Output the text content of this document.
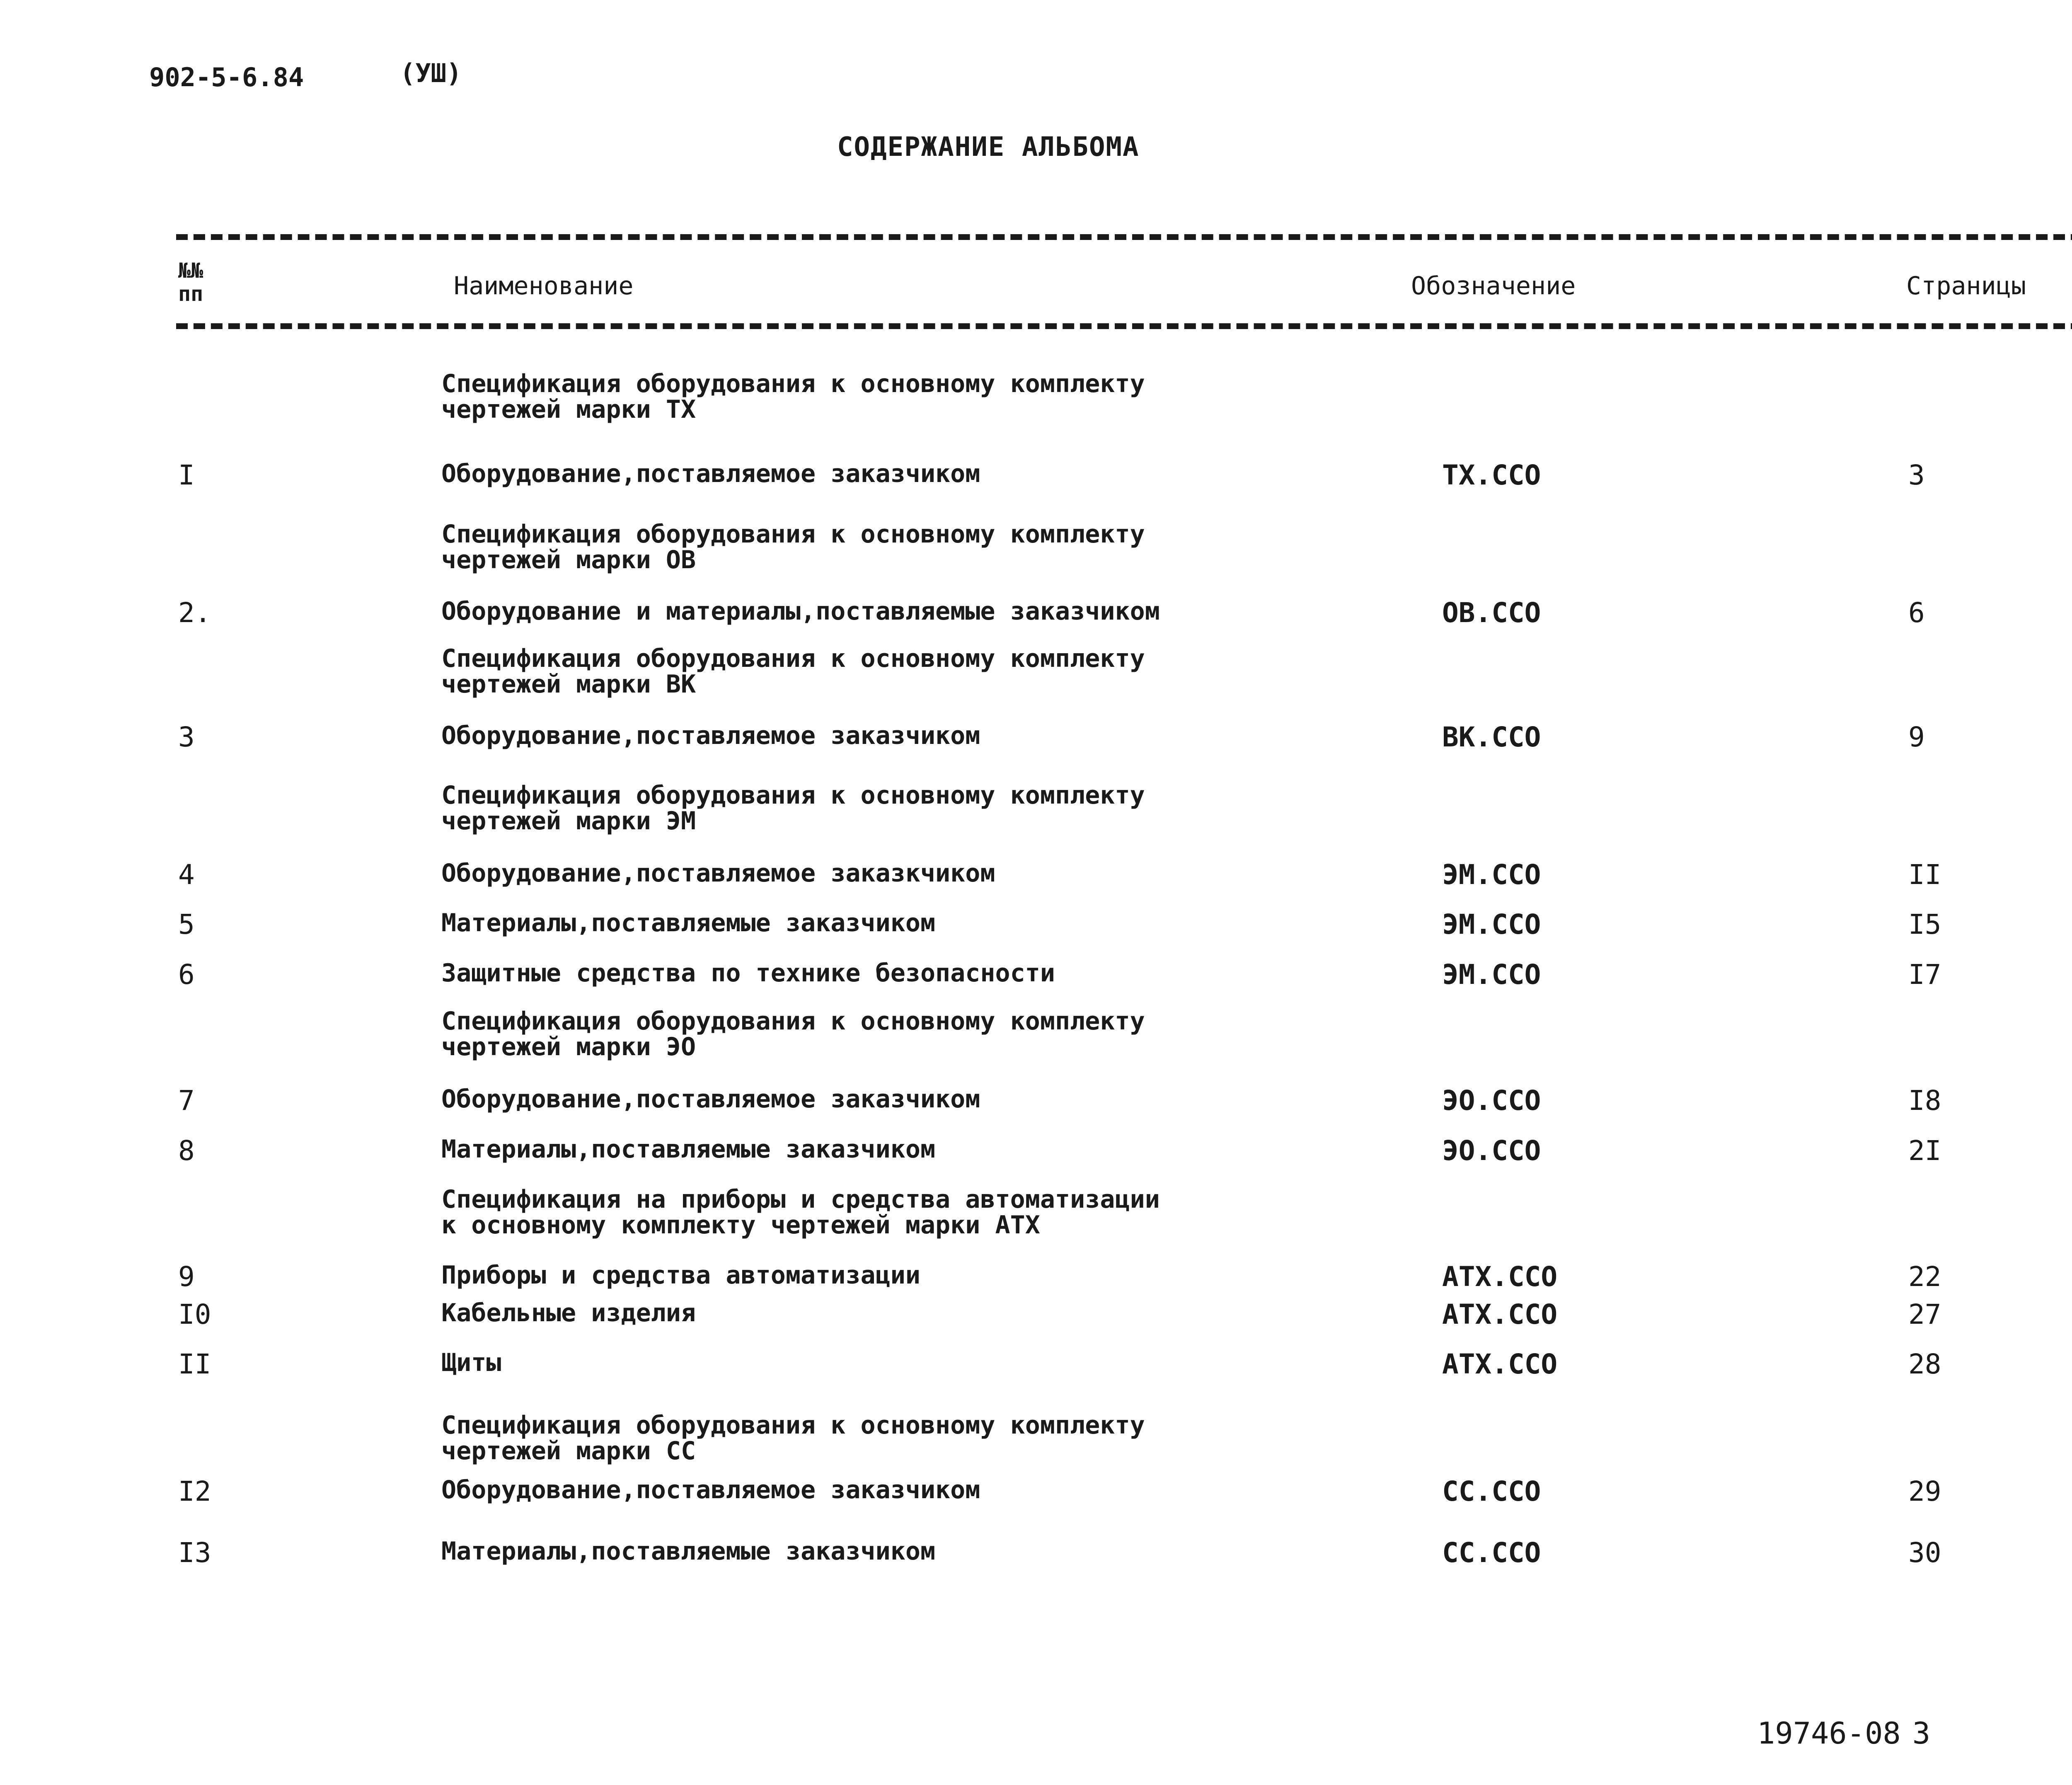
902-5-6.84	(УШ)
СОДЕРЖАНИЕ АЛЬБОМА
№№
пп	Наименование	Обозначение	Страницы
Спецификация оборудования к основному комплекту
чертежей марки ТХ
Спецификация оборудования к основному комплекту
чертежей марки ОВ
Спецификация оборудования к основному комплекту
чертежей марки ВК
Спецификация оборудования к основному комплекту
чертежей марки ЭМ
Спецификация оборудования к основному комплекту
чертежей марки ЭО
Спецификация на приборы и средства автоматизации
к основному комплекту чертежей марки АТХ
Спецификация оборудования к основному комплекту
чертежей марки СС
I	Оборудование,поставляемое заказчиком	ТХ.ССО	3
2.	Оборудование и материалы,поставляемые заказчиком	ОВ.ССО	6
3	Оборудование,поставляемое заказчиком	ВК.ССО	9
4	Оборудование,поставляемое заказкчиком	ЭМ.ССО	II
5	Материалы,поставляемые заказчиком	ЭМ.ССО	I5
6	Защитные средства по технике безопасности	ЭМ.ССО	I7
7	Оборудование,поставляемое заказчиком	ЭО.ССО	I8
8	Материалы,поставляемые заказчиком	ЭО.ССО	2I
9	Приборы и средства автоматизации	АТХ.ССО	22
I0	Кабельные изделия	АТХ.ССО	27
II	Щиты	АТХ.ССО	28
I2	Оборудование,поставляемое заказчиком	СС.ССО	29
I3	Материалы,поставляемые заказчиком	СС.ССО	30
19746-08 3
